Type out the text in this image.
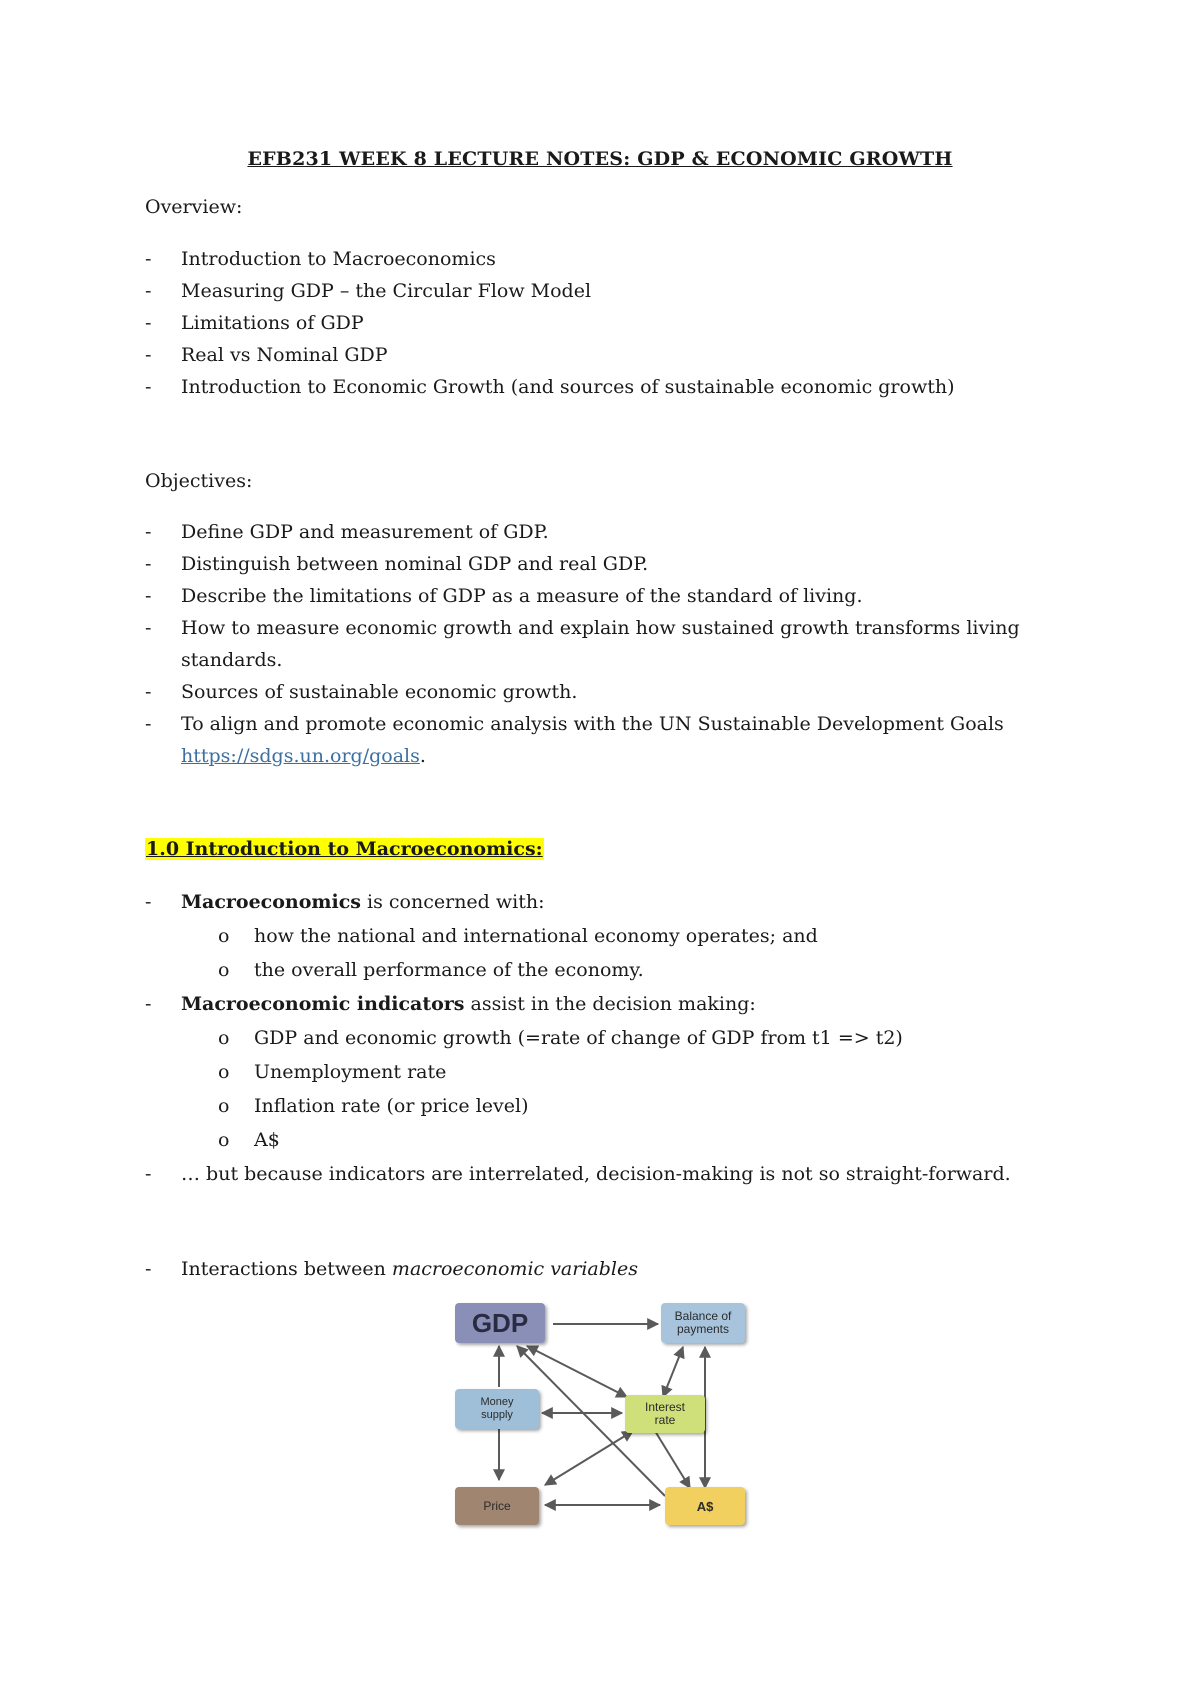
EFB231 WEEK 8 LECTURE NOTES: GDP & ECONOMIC GROWTH
Overview:
- Introduction to Macroeconomics
- Measuring GDP – the Circular Flow Model
- Limitations of GDP
- Real vs Nominal GDP
- Introduction to Economic Growth (and sources of sustainable economic growth)
Objectives:
- Define GDP and measurement of GDP.
- Distinguish between nominal GDP and real GDP.
- Describe the limitations of GDP as a measure of the standard of living.
- How to measure economic growth and explain how sustained growth transforms living standards.
- Sources of sustainable economic growth.
- To align and promote economic analysis with the UN Sustainable Development Goals
https://sdgs.un.org/goals.
1.0 Introduction to Macroeconomics:
- Macroeconomics is concerned with:
o how the national and international economy operates; and
o the overall performance of the economy.
- Macroeconomic indicators assist in the decision making:
o GDP and economic growth (=rate of change of GDP from t1 => t2)
o Unemployment rate
o Inflation rate (or price level)
o A$
- … but because indicators are interrelated, decision-making is not so straight-forward.
- Interactions between macroeconomic variables
GDP	Balance of
payments
Money
supply
Interest
rate
Price	A$
